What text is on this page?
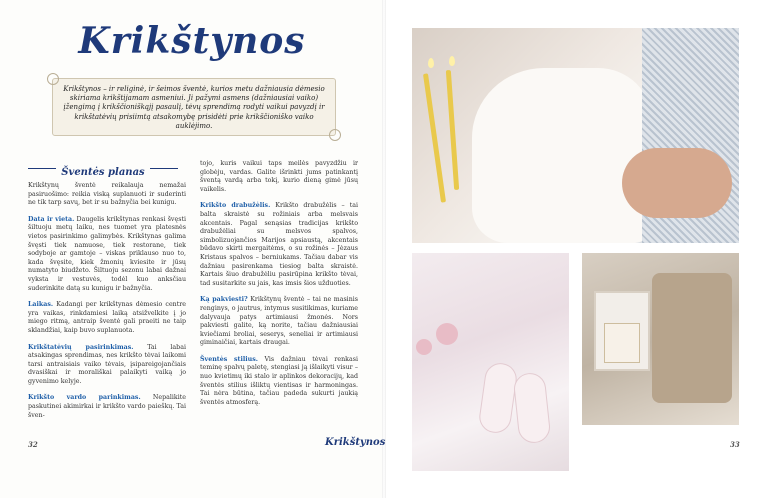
Krikštynos

Krikštynos – ir religinė, ir šeimos šventė, kurios metu dažniausia dėmesio skiriama krikštijamam asmeniui. Ji pažymi asmens (dažniausiai vaiko) įžengimą į krikščioniškąjį pasaulį, tėvų sprendimą rodyti vaikui pavyzdį ir krikštatėvių prisiimtą atsakomybę prisidėti prie krikščioniško vaiko auklėjimo.

Šventės planas

Krikštynų šventė reikalauja nemažai pasiruošimo: reikia viską suplanuoti ir suderinti ne tik tarp savų, bet ir su bažnyčia bei kunigu.

Data ir vieta. Daugelis krikštynas renkasi švęsti šiltuoju metų laiku, nes tuomet yra platesnės vietos pasirinkimo galimybės. Krikštynas galima švęsti tiek namuose, tiek restorane, tiek sodyboje ar gamtoje – viskas priklauso nuo to, kada švęsite, kiek žmonių kviesite ir jūsų numatyto biudžeto. Šiltuoju sezonu labai dažnai vyksta ir vestuvės, todėl kuo anksčiau suderinkite datą su kunigu ir bažnyčia.

Laikas. Kadangi per krikštynas dėmesio centre yra vaikas, rinkdamiesi laiką atsižvelkite į jo miego ritmą, antraip šventė gali praeiti ne taip sklandžiai, kaip buvo suplanuota.

Krikštatėvių pasirinkimas. Tai labai atsakingas sprendimas, nes krikšto tėvai laikomi tarsi antraisiais vaiko tėvais, įsipareigojančiais dvasiškai ir morališkai palaikyti vaiką jo gyvenimo kelyje.

Krikšto vardo parinkimas. Nepalikite paskutinei akimirkai ir krikšto vardo paieškų. Tai šven-

tojo, kuris vaikui taps meilės pavyzdžiu ir globėju, vardas. Galite išrinkti jums patinkantį šventą vardą arba tokį, kurio dieną gimė jūsų vaikelis.

Krikšto drabužėlis. Krikšto drabužėlis – tai balta skraistė su rožiniais arba melsvais akcentais. Pagal senąsias tradicijas krikšto drabužėliai su melsvos spalvos, simbolizuojančios Marijos apsiaustą, akcentais būdavo skirti mergaitėms, o su rožinės – Jėzaus Kristaus spalvos – berniukams. Tačiau dabar vis dažniau pasirenkama tiesiog balta skraistė. Kartais šiuo drabužėliu pasirūpina krikšto tėvai, tad susitarkite su jais, kas imsis šios užduoties.

Ką pakviesti? Krikštynų šventė – tai ne masinis renginys, o jautrus, intymus susitikimas, kuriame dalyvauja patys artimiausi žmonės. Nors pakviesti galite, ką norite, tačiau dažniausiai kviečiami broliai, seserys, seneliai ir artimiausi giminaičiai, kartais draugai.

Šventės stilius. Vis dažniau tėvai renkasi teminę spalvų paletę, stengiasi ją išlaikyti visur – nuo kvietimų iki stalo ir aplinkos dekoracijų, kad šventės stilius išliktų vientisas ir harmoningas. Tai nėra būtina, tačiau padeda sukurti jaukią šventės atmosferą.

32	Krikštynos	33
